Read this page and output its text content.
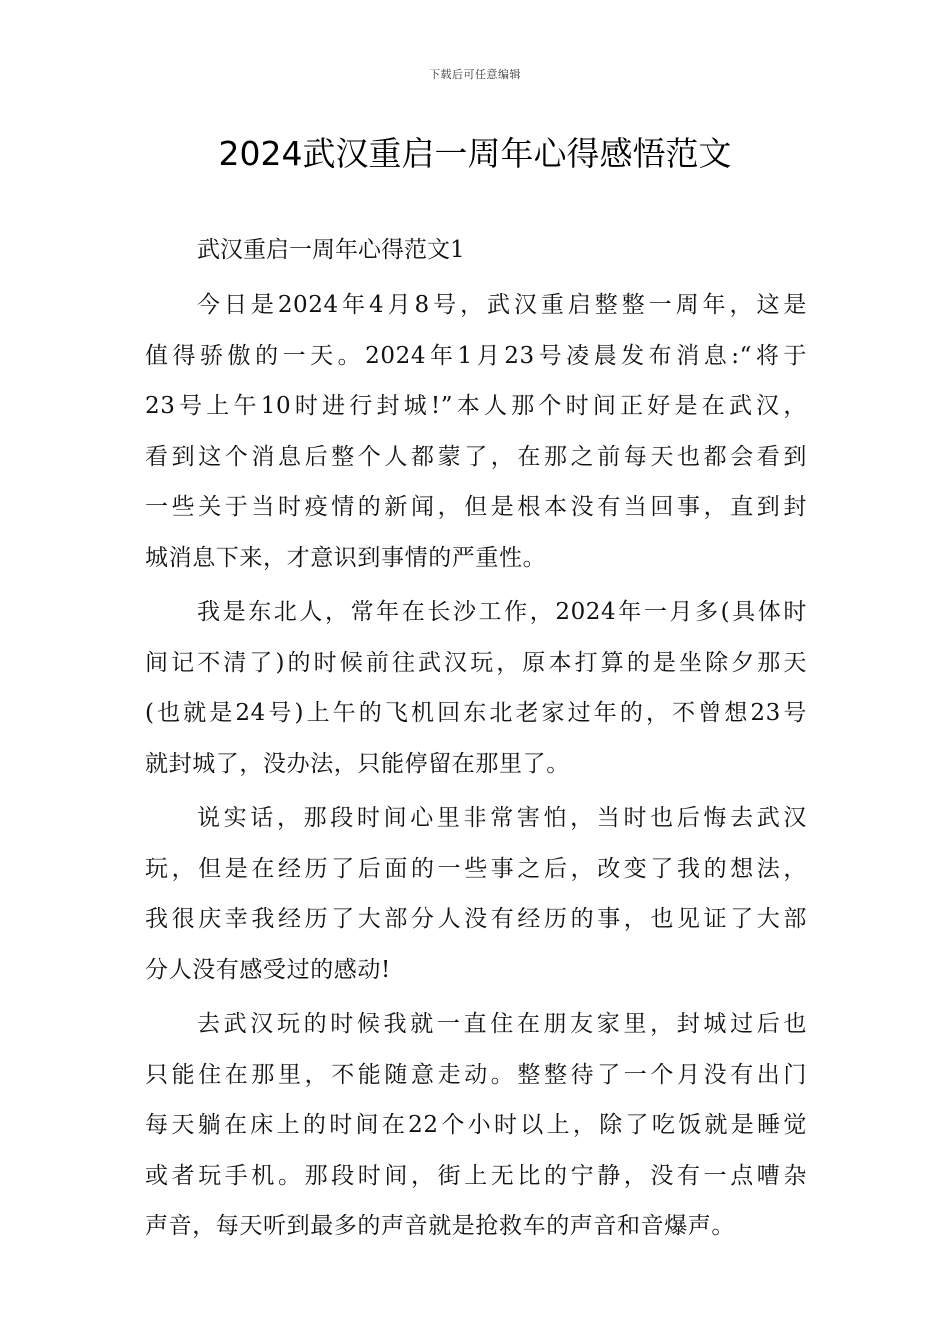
下载后可任意编辑
2024武汉重启一周年心得感悟范文

武汉重启一周年心得范文1

今日是2024年4月8号，武汉重启整整一周年，这是
值得骄傲的一天。2024年1月23号凌晨发布消息:“将于
23号上午10时进行封城!”本人那个时间正好是在武汉，
看到这个消息后整个人都蒙了，在那之前每天也都会看到
一些关于当时疫情的新闻，但是根本没有当回事，直到封
城消息下来，才意识到事情的严重性。

我是东北人，常年在长沙工作，2024年一月多(具体时
间记不清了)的时候前往武汉玩，原本打算的是坐除夕那天
(也就是24号)上午的飞机回东北老家过年的，不曾想23号
就封城了，没办法，只能停留在那里了。

说实话，那段时间心里非常害怕，当时也后悔去武汉
玩，但是在经历了后面的一些事之后，改变了我的想法，
我很庆幸我经历了大部分人没有经历的事，也见证了大部
分人没有感受过的感动!

去武汉玩的时候我就一直住在朋友家里，封城过后也
只能住在那里，不能随意走动。整整待了一个月没有出门
每天躺在床上的时间在22个小时以上，除了吃饭就是睡觉
或者玩手机。那段时间，街上无比的宁静，没有一点嘈杂
声音，每天听到最多的声音就是抢救车的声音和音爆声。
